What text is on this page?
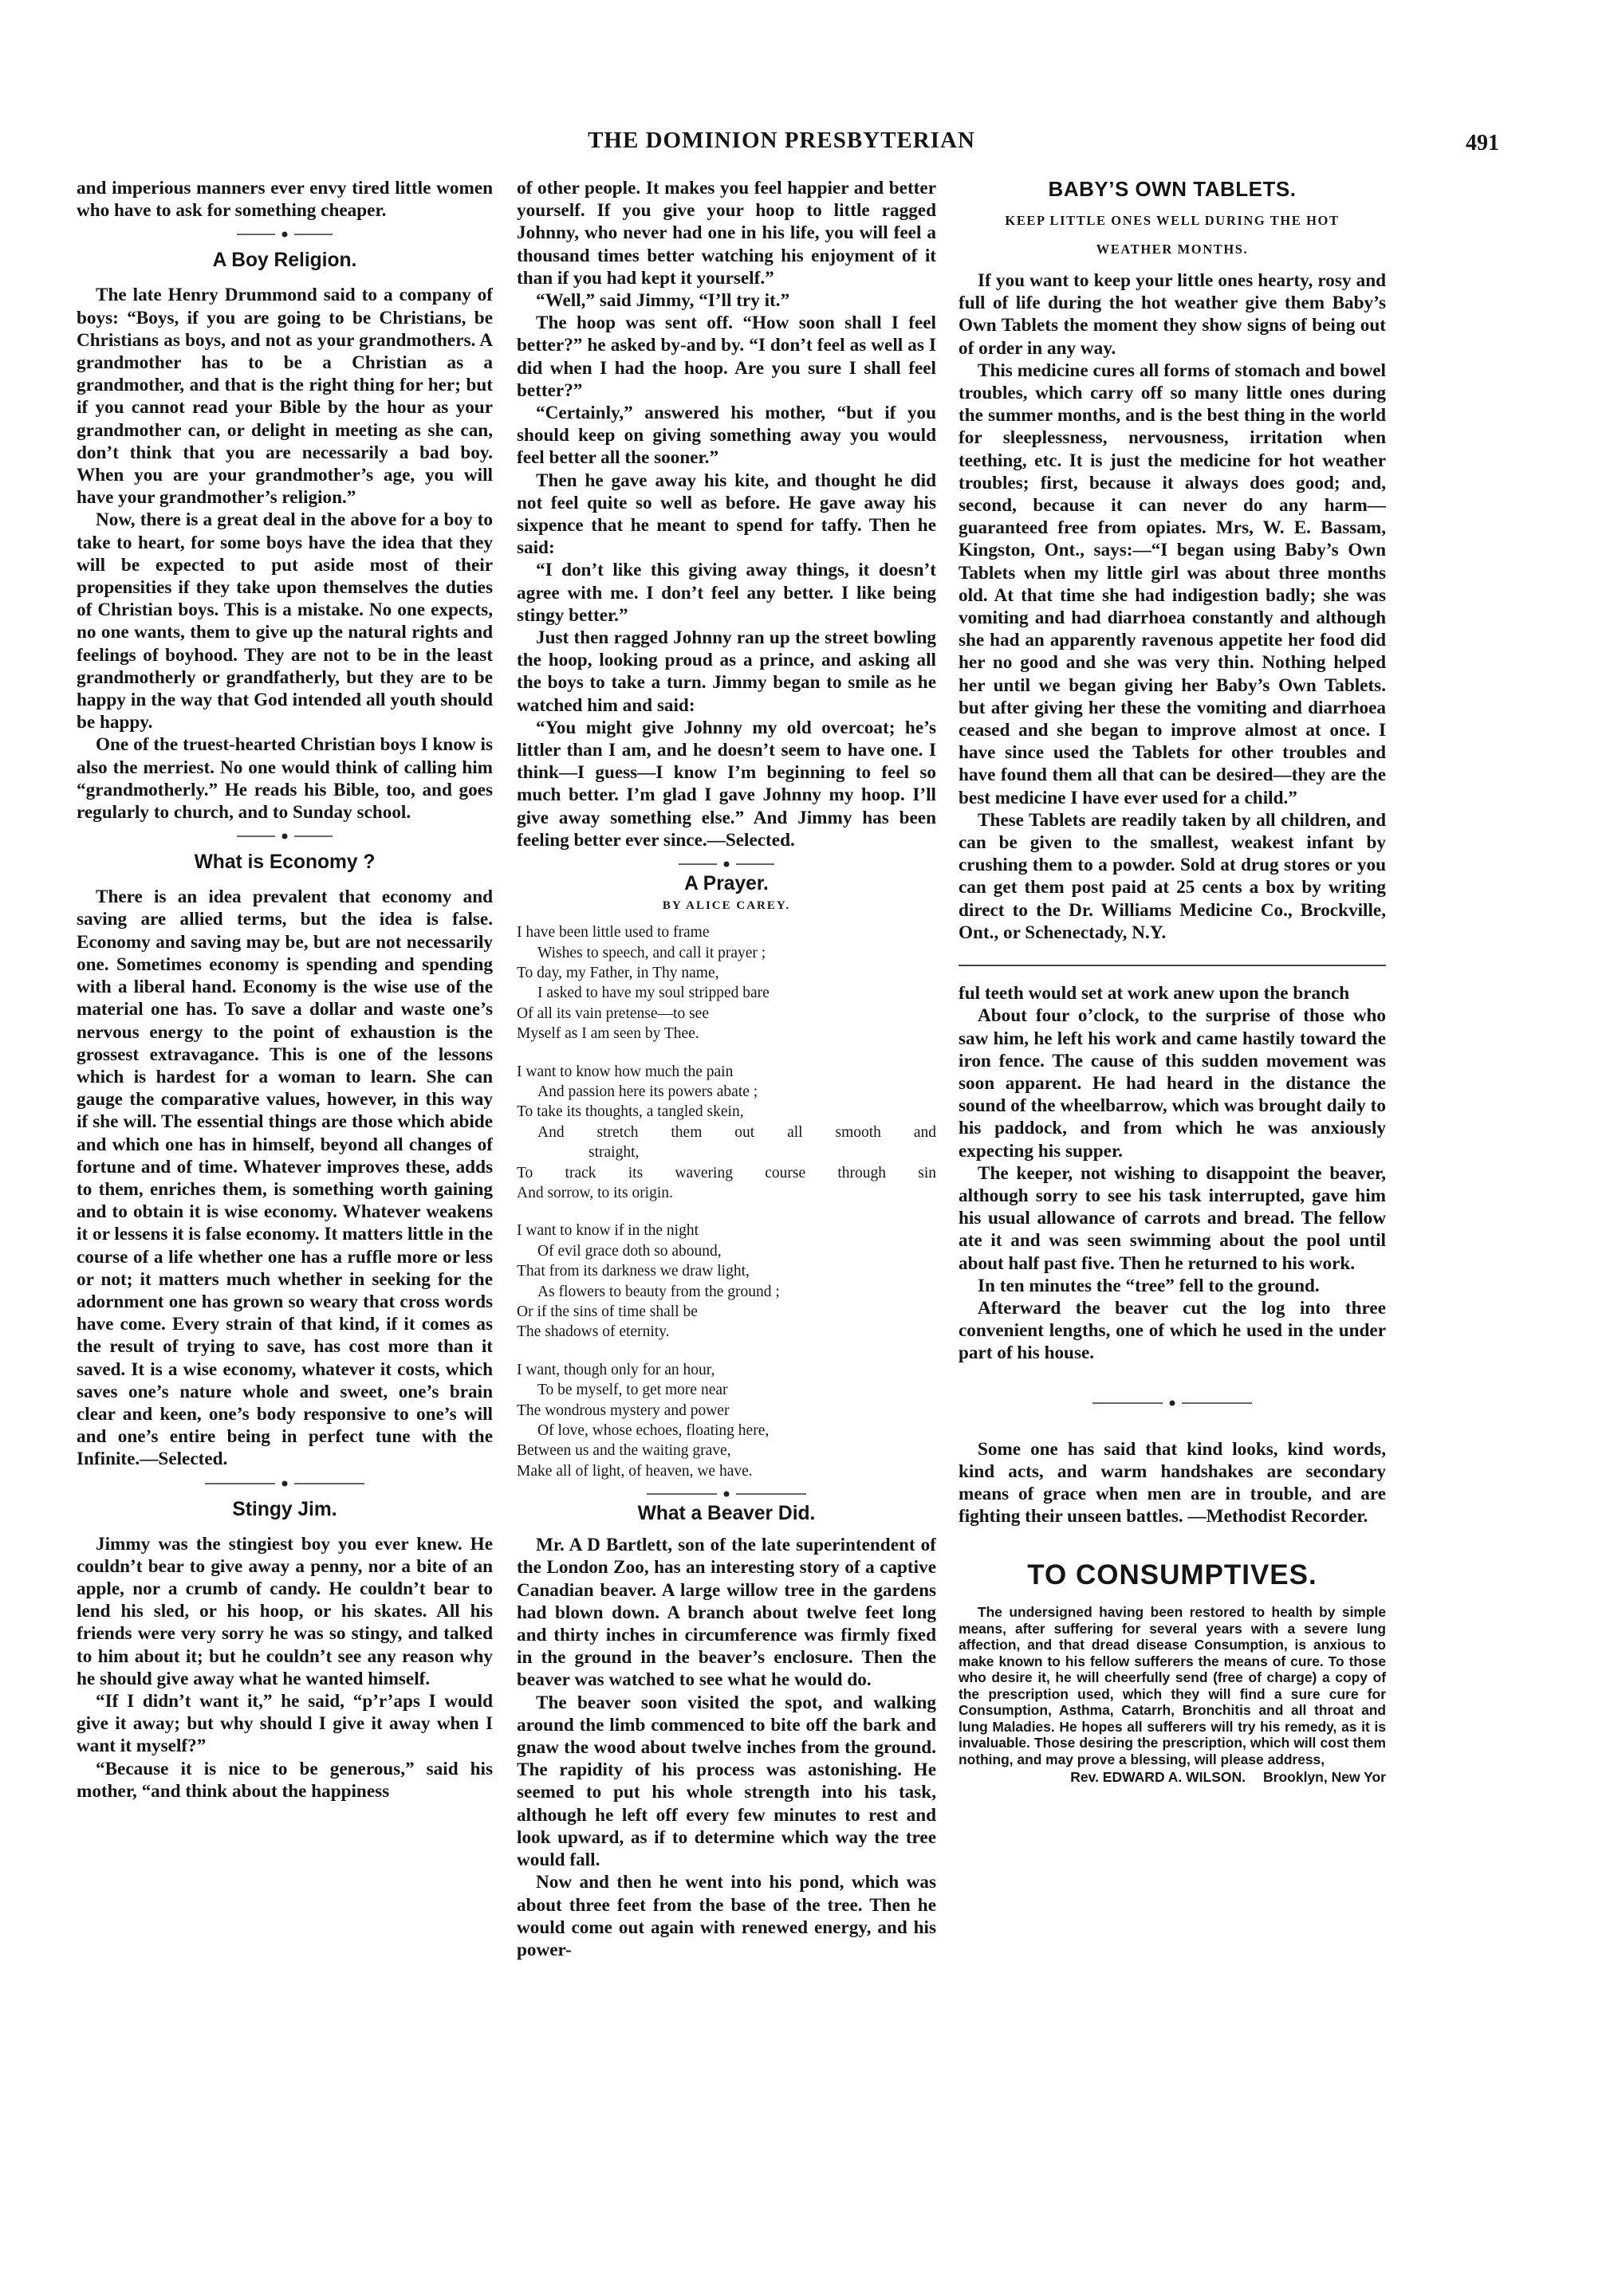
THE DOMINION PRESBYTERIAN	491

and imperious manners ever envy tired little women who have to ask for something cheaper.

A Boy Religion.

The late Henry Drummond said to a company of boys: “Boys, if you are going to be Christians, be Christians as boys, and not as your grandmothers. A grandmother has to be a Christian as a grandmother, and that is the right thing for her; but if you cannot read your Bible by the hour as your grandmother can, or delight in meeting as she can, don’t think that you are necessarily a bad boy. When you are your grandmother’s age, you will have your grandmother’s religion.”

Now, there is a great deal in the above for a boy to take to heart, for some boys have the idea that they will be expected to put aside most of their propensities if they take upon themselves the duties of Christian boys. This is a mistake. No one expects, no one wants, them to give up the natural rights and feelings of boyhood. They are not to be in the least grandmotherly or grandfatherly, but they are to be happy in the way that God intended all youth should be happy.

One of the truest-hearted Christian boys I know is also the merriest. No one would think of calling him “grandmotherly.” He reads his Bible, too, and goes regularly to church, and to Sunday school.

What is Economy ?

There is an idea prevalent that economy and saving are allied terms, but the idea is false. Economy and saving may be, but are not necessarily one. Sometimes economy is spending and spending with a liberal hand. Economy is the wise use of the material one has. To save a dollar and waste one’s nervous energy to the point of exhaustion is the grossest extravagance. This is one of the lessons which is hardest for a woman to learn. She can gauge the comparative values, however, in this way if she will. The essential things are those which abide and which one has in himself, beyond all changes of fortune and of time. Whatever improves these, adds to them, enriches them, is something worth gaining and to obtain it is wise economy. Whatever weakens it or lessens it is false economy. It matters little in the course of a life whether one has a ruffle more or less or not; it matters much whether in seeking for the adornment one has grown so weary that cross words have come. Every strain of that kind, if it comes as the result of trying to save, has cost more than it saved. It is a wise economy, whatever it costs, which saves one’s nature whole and sweet, one’s brain clear and keen, one’s body responsive to one’s will and one’s entire being in perfect tune with the Infinite.—Selected.

Stingy Jim.

Jimmy was the stingiest boy you ever knew. He couldn’t bear to give away a penny, nor a bite of an apple, nor a crumb of candy. He couldn’t bear to lend his sled, or his hoop, or his skates. All his friends were very sorry he was so stingy, and talked to him about it; but he couldn’t see any reason why he should give away what he wanted himself.

“If I didn’t want it,” he said, “p’r’aps I would give it away; but why should I give it away when I want it myself?”

“Because it is nice to be generous,” said his mother, “and think about the happiness

of other people. It makes you feel happier and better yourself. If you give your hoop to little ragged Johnny, who never had one in his life, you will feel a thousand times better watching his enjoyment of it than if you had kept it yourself.”

“Well,” said Jimmy, “I’ll try it.”

The hoop was sent off. “How soon shall I feel better?” he asked by-and by. “I don’t feel as well as I did when I had the hoop. Are you sure I shall feel better?”

“Certainly,” answered his mother, “but if you should keep on giving something away you would feel better all the sooner.”

Then he gave away his kite, and thought he did not feel quite so well as before. He gave away his sixpence that he meant to spend for taffy. Then he said:

“I don’t like this giving away things, it doesn’t agree with me. I don’t feel any better. I like being stingy better.”

Just then ragged Johnny ran up the street bowling the hoop, looking proud as a prince, and asking all the boys to take a turn. Jimmy began to smile as he watched him and said:

“You might give Johnny my old overcoat; he’s littler than I am, and he doesn’t seem to have one. I think—I guess—I know I’m beginning to feel so much better. I’m glad I gave Johnny my hoop. I’ll give away something else.” And Jimmy has been feeling better ever since.—Selected.

A Prayer.
BY ALICE CAREY.
I have been little used to frame
Wishes to speech, and call it prayer ;
To day, my Father, in Thy name,
I asked to have my soul stripped bare
Of all its vain pretense—to see
Myself as I am seen by Thee.
I want to know how much the pain
And passion here its powers abate ;
To take its thoughts, a tangled skein,
And stretch them out all smooth and
straight,
To track its wavering course through sin
And sorrow, to its origin.
I want to know if in the night
Of evil grace doth so abound,
That from its darkness we draw light,
As flowers to beauty from the ground ;
Or if the sins of time shall be
The shadows of eternity.
I want, though only for an hour,
To be myself, to get more near
The wondrous mystery and power
Of love, whose echoes, floating here,
Between us and the waiting grave,
Make all of light, of heaven, we have.
What a Beaver Did.

Mr. A D Bartlett, son of the late superintendent of the London Zoo, has an interesting story of a captive Canadian beaver. A large willow tree in the gardens had blown down. A branch about twelve feet long and thirty inches in circumference was firmly fixed in the ground in the beaver’s enclosure. Then the beaver was watched to see what he would do.

The beaver soon visited the spot, and walking around the limb commenced to bite off the bark and gnaw the wood about twelve inches from the ground. The rapidity of his process was astonishing. He seemed to put his whole strength into his task, although he left off every few minutes to rest and look upward, as if to determine which way the tree would fall.

Now and then he went into his pond, which was about three feet from the base of the tree. Then he would come out again with renewed energy, and his power-

BABY’S OWN TABLETS.
KEEP LITTLE ONES WELL DURING THE HOT
WEATHER MONTHS.

If you want to keep your little ones hearty, rosy and full of life during the hot weather give them Baby’s Own Tablets the moment they show signs of being out of order in any way.

This medicine cures all forms of stomach and bowel troubles, which carry off so many little ones during the summer months, and is the best thing in the world for sleeplessness, nervousness, irritation when teething, etc. It is just the medicine for hot weather troubles; first, because it always does good; and, second, because it can never do any harm—guaranteed free from opiates. Mrs, W. E. Bassam, Kingston, Ont., says:—“I began using Baby’s Own Tablets when my little girl was about three months old. At that time she had indigestion badly; she was vomiting and had diarrhoea constantly and although she had an apparently ravenous appetite her food did her no good and she was very thin. Nothing helped her until we began giving her Baby’s Own Tablets. but after giving her these the vomiting and diarrhoea ceased and she began to improve almost at once. I have since used the Tablets for other troubles and have found them all that can be desired—they are the best medicine I have ever used for a child.”

These Tablets are readily taken by all children, and can be given to the smallest, weakest infant by crushing them to a powder. Sold at drug stores or you can get them post paid at 25 cents a box by writing direct to the Dr. Williams Medicine Co., Brockville, Ont., or Schenectady, N.Y.

ful teeth would set at work anew upon the branch

About four o’clock, to the surprise of those who saw him, he left his work and came hastily toward the iron fence. The cause of this sudden movement was soon apparent. He had heard in the distance the sound of the wheelbarrow, which was brought daily to his paddock, and from which he was anxiously expecting his supper.

The keeper, not wishing to disappoint the beaver, although sorry to see his task interrupted, gave him his usual allowance of carrots and bread. The fellow ate it and was seen swimming about the pool until about half past five. Then he returned to his work.

In ten minutes the “tree” fell to the ground.

Afterward the beaver cut the log into three convenient lengths, one of which he used in the under part of his house.

Some one has said that kind looks, kind words, kind acts, and warm handshakes are secondary means of grace when men are in trouble, and are fighting their unseen battles. —Methodist Recorder.

TO CONSUMPTIVES.

The undersigned having been restored to health by simple means, after suffering for several years with a severe lung affection, and that dread disease Consumption, is anxious to make known to his fellow sufferers the means of cure. To those who desire it, he will cheerfully send (free of charge) a copy of the prescription used, which they will find a sure cure for Consumption, Asthma, Catarrh, Bronchitis and all throat and lung Maladies. He hopes all sufferers will try his remedy, as it is invaluable. Those desiring the prescription, which will cost them nothing, and may prove a blessing, will please address,

Rev. EDWARD A. WILSON. Brooklyn, New Yor
